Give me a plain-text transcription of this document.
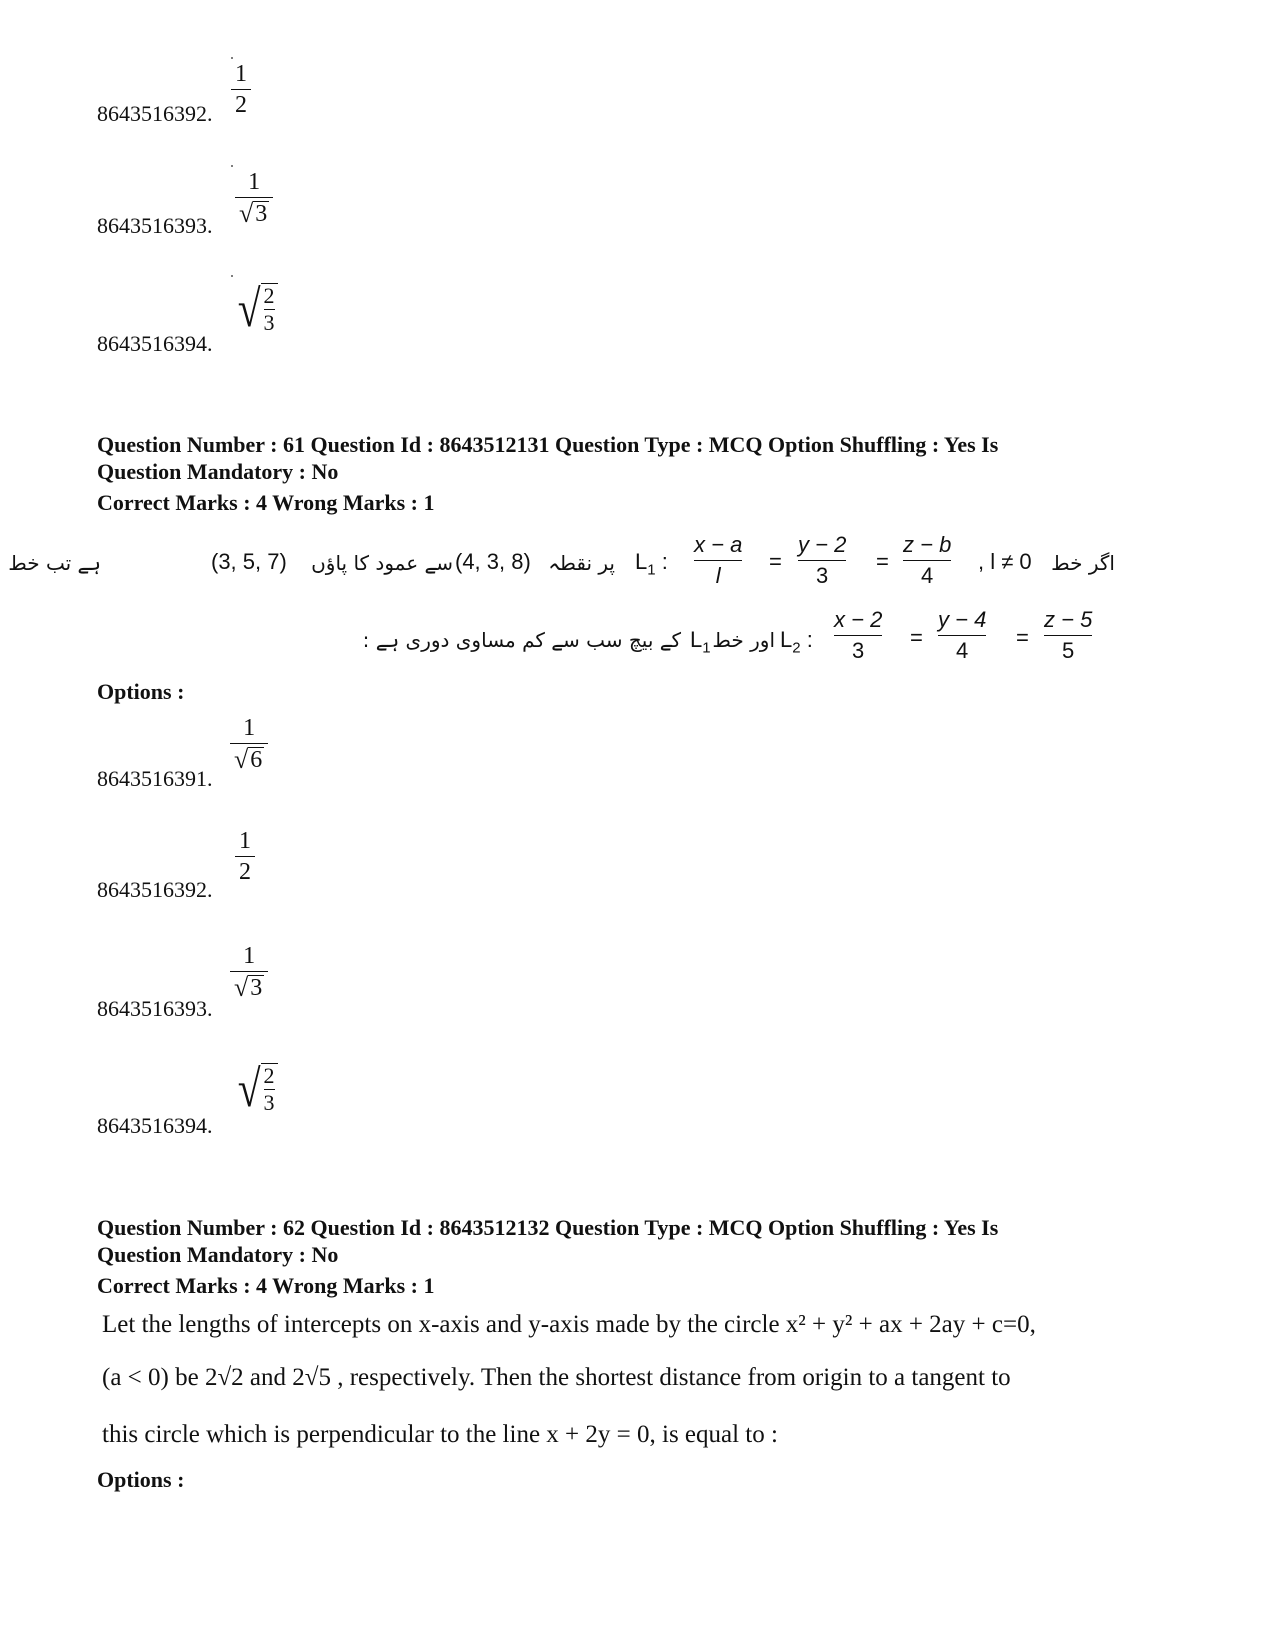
8643516392.
1
2
8643516393.
1
√ 3
8643516394.
√ 2
3
Question Number : 61 Question Id : 8643512131 Question Type : MCQ Option Shuffling : Yes Is
Question Mandatory : No
Correct Marks : 4 Wrong Marks : 1
ہے تب خط	(3, 5, 7) سے عمود کا پاؤں (4, 3, 8) پر نقطہ $L_1$ :
x − a
l
=
y − 2
3
=
z − b
4
, l ≠ 0 اگر خط
کے بیچ سب سے کم مساوی دوری ہے : $L_1$ اور خط $L_2$ :
x − 2
3
=
y − 4
4
=
z − 5
5
Options :
8643516391.
1
√ 6
8643516392.
1
2
8643516393.
1
√ 3
8643516394.
√ 2
3
Question Number : 62 Question Id : 8643512132 Question Type : MCQ Option Shuffling : Yes Is
Question Mandatory : No
Correct Marks : 4 Wrong Marks : 1
Let the lengths of intercepts on x-axis and y-axis made by the circle x² + y² + ax + 2ay + c=0,
(a < 0) be 2√2 and 2√5 , respectively. Then the shortest distance from origin to a tangent to
this circle which is perpendicular to the line x + 2y = 0, is equal to :
Options :
